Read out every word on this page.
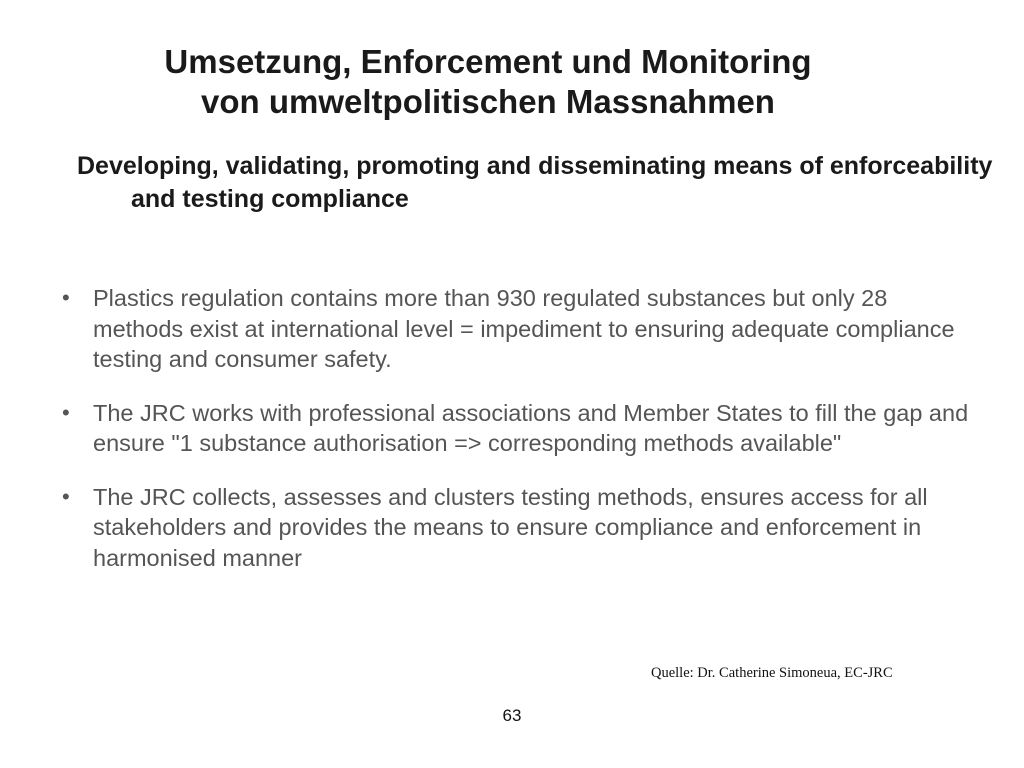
Umsetzung, Enforcement und Monitoring
von umweltpolitischen Massnahmen
Developing, validating, promoting and disseminating means of enforceability and testing compliance
• Plastics regulation contains more than 930 regulated substances but only 28 methods exist at international level = impediment to ensuring adequate compliance testing and consumer safety.
• The JRC works with professional associations and Member States to fill the gap and ensure "1 substance authorisation => corresponding methods available"
• The JRC collects, assesses and clusters testing methods, ensures access for all stakeholders and provides the means to ensure compliance and enforcement in harmonised manner
Quelle: Dr. Catherine Simoneua, EC-JRC
63
